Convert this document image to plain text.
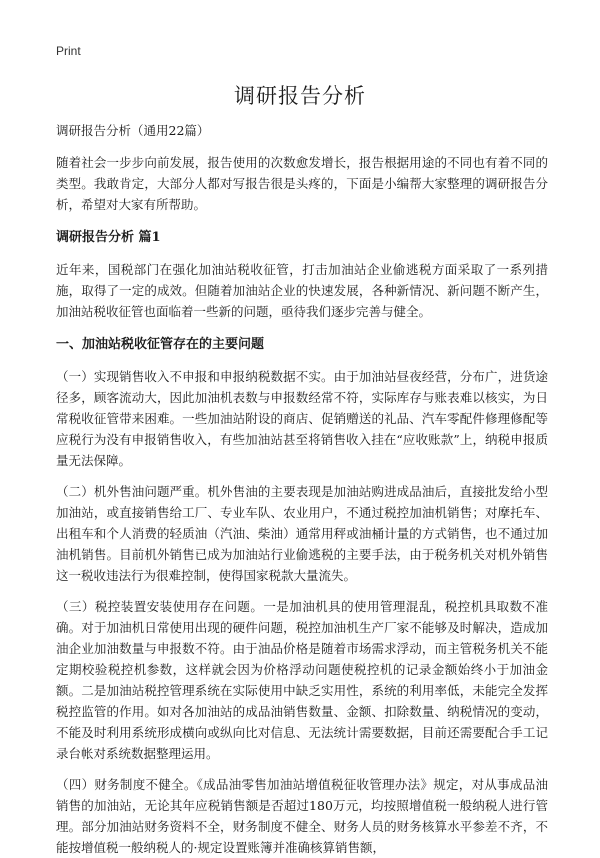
Print
调研报告分析
调研报告分析（通用22篇）

随着社会一步步向前发展，报告使用的次数愈发增长，报告根据用途的不同也有着不同的类型。我敢肯定，大部分人都对写报告很是头疼的，下面是小编帮大家整理的调研报告分析，希望对大家有所帮助。

调研报告分析 篇1

近年来，国税部门在强化加油站税收征管，打击加油站企业偷逃税方面采取了一系列措施，取得了一定的成效。但随着加油站企业的快速发展，各种新情况、新问题不断产生，加油站税收征管也面临着一些新的问题，亟待我们逐步完善与健全。

一、加油站税收征管存在的主要问题

（一）实现销售收入不申报和申报纳税数据不实。由于加油站昼夜经营，分布广，进货途径多，顾客流动大，因此加油机表数与申报数经常不符，实际库存与账表难以核实，为日常税收征管带来困难。一些加油站附设的商店、促销赠送的礼品、汽车零配件修理修配等应税行为没有申报销售收入，有些加油站甚至将销售收入挂在“应收账款”上，纳税申报质量无法保障。

（二）机外售油问题严重。机外售油的主要表现是加油站购进成品油后，直接批发给小型加油站，或直接销售给工厂、专业车队、农业用户，不通过税控加油机销售；对摩托车、出租车和个人消费的轻质油（汽油、柴油）通常用秤或油桶计量的方式销售，也不通过加油机销售。目前机外销售已成为加油站行业偷逃税的主要手法，由于税务机关对机外销售这一税收违法行为很难控制，使得国家税款大量流失。

（三）税控装置安装使用存在问题。一是加油机具的使用管理混乱，税控机具取数不准确。对于加油机日常使用出现的硬件问题，税控加油机生产厂家不能够及时解决，造成加油企业加油数量与申报数不符。由于油品价格是随着市场需求浮动，而主管税务机关不能定期校验税控机参数，这样就会因为价格浮动问题使税控机的记录金额始终小于加油金额。二是加油站税控管理系统在实际使用中缺乏实用性，系统的利用率低，未能完全发挥税控监管的作用。如对各加油站的成品油销售数量、金额、扣除数量、纳税情况的变动，不能及时利用系统形成横向或纵向比对信息、无法统计需要数据，目前还需要配合手工记录台帐对系统数据整理运用。

（四）财务制度不健全。《成品油零售加油站增值税征收管理办法》规定，对从事成品油销售的加油站，无论其年应税销售额是否超过180万元，均按照增值税一般纳税人进行管理。部分加油站财务资料不全，财务制度不健全、财务人员的财务核算水平参差不齐，不能按增值税一般纳税人的·规定设置账簿并准确核算销售额，
